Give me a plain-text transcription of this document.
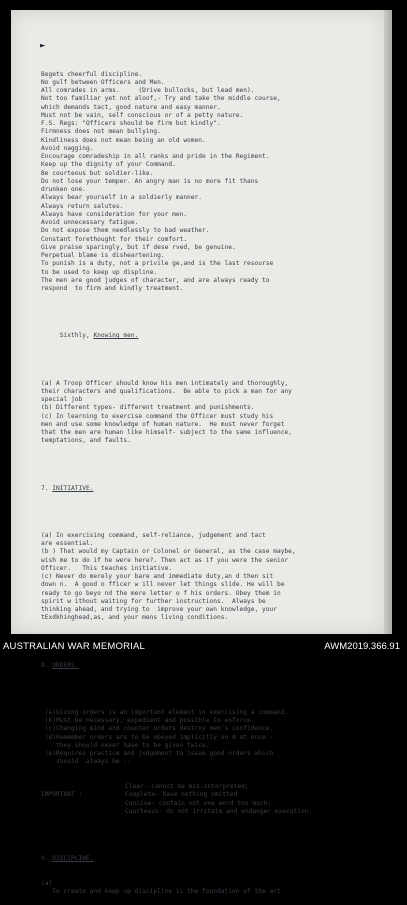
►

Begets cheerful discipline.
No gulf between Officers and Men.
All comrades in arms.     (Drive bullocks, but lead men).
Not too familiar yet not aloof,- Try and take the middle course,
which demands tact, good nature and easy manner.
Must not be vain, self conscious or of a petty nature.
F.S. Regs: "Officers should be firm but kindly".
Firmness does not mean bullying.
Kindliness does not mean being an old women.
Avoid nagging.
Encourage comradeship in all ranks and pride in the Regiment.
Keep up the dignity of your Command.
Be courteous but soldier-like.
Do not lose your temper. An angry man is no more fit thans
drunken one.
Always bear yourself in a soldierly manner.
Always return salutes.
Always have consideration for your men.
Avoid unnecessary fatigue.
Do not expose them needlessly to bad weather.
Constant forethought for their comfort.
Give praise sparingly, but if dese rved, be genuine.
Perpetual blame is disheartening.
To punish is a duty, not a privile ge,and is the last resourse
to be used to keep up displine.
The men are good judges of character, and are always ready to
respond  to firm and kindly treatment.

Sixthly, Knowing men.

(a) A Troop Officer should know his men intimately and thoroughly,
their characters and qualifications.  Be able to pick a man for any
special job
(b) Different types- different treatment and punishments.
(c) In learning to exercise command the Officer must study his
men and use some knowledge of human nature.  He must never forget
that the men are human like himself- subject to the same influence,
temptations, and faults.

7. INITIATIVE.

(a) In exercising command, self-reliance, judgement and tact
are essential.
(b ) That would my Captain or Colonel or General, as the case maybe,
wish me to do if he were here?. Then act as if you were the senior
Officer.   This teaches initiative.
(c) Never do merely your bare and immediate duty,an d then sit
down n.  A good o fficer w ill never let things slide. He will be
ready to go beyo nd the mere letter o f his orders. Obey them in
spirit w ithout waiting for further instructions.  Always be
thinking ahead, and trying to  improve your own knowledge, your
tExdkhinghead,as, and your mens living conditions.

8. ORDERS.

(a)Giving orders is an important element in exercising a command.
(b)Must be necessary, expedient and possible to enforce.
(c)Changing mind and counter orders destroy men's confidence.
(d)Remember orders are to be obeyed implicitly on d at once -
they should never have to be given twice.
(e)Requires practice and judgement to issue good orders which
should  always be :-

Clear- cannot be mis-interpreted;
IMPORTANT :	Complete- have nothing omitted
Concise- contain not one word too much;
Courtesus- do not irritate and endanger execution.

9. DISCIPLINE.

(a)
To create and keep up discipline is the foundation of the art

AUSTRALIAN WAR MEMORIAL	AWM2019.366.91
